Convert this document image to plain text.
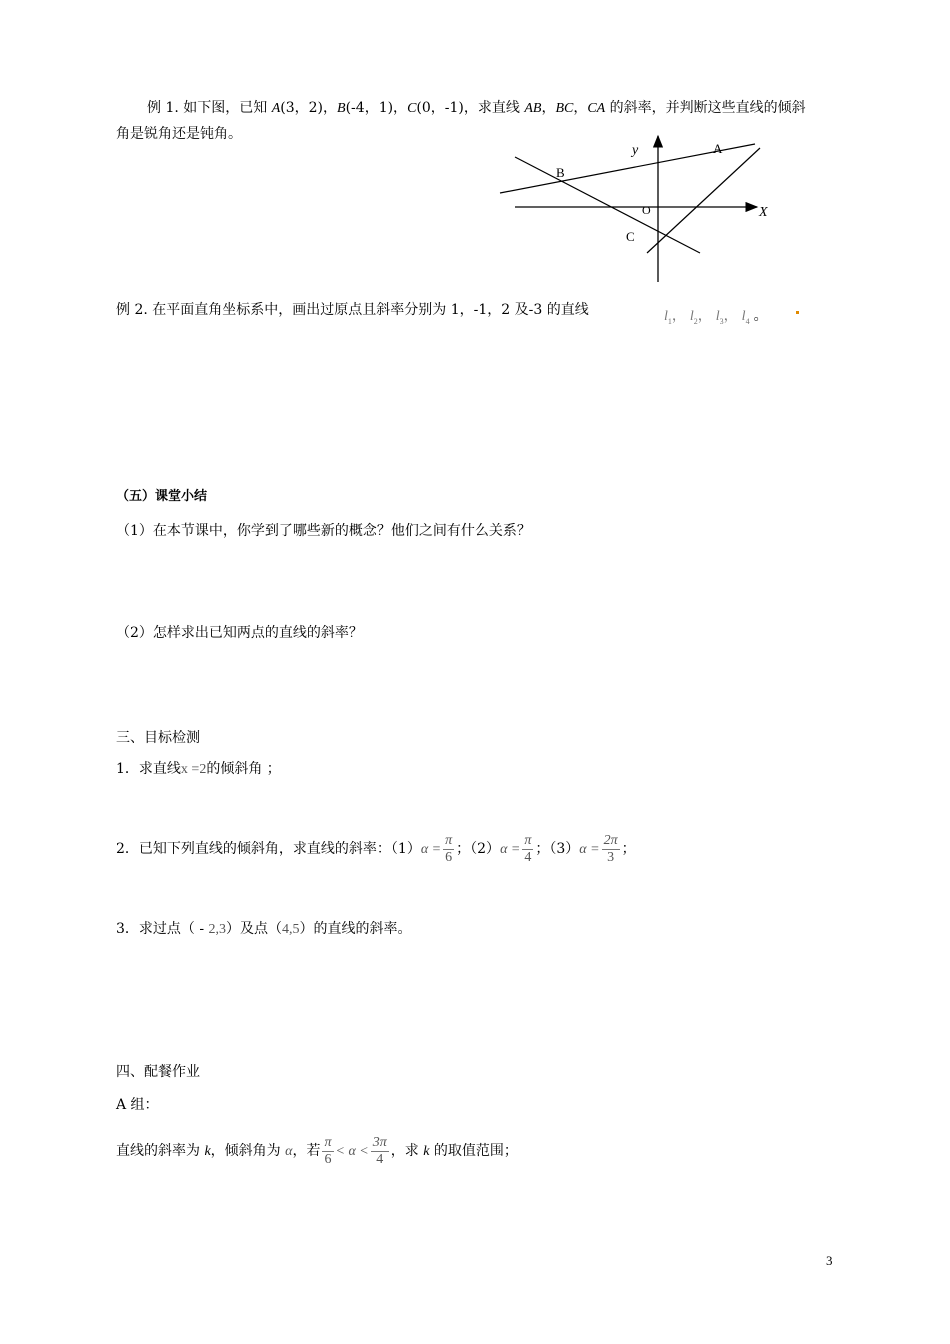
例 1. 如下图，已知 A(3，2)，B(-4，1)，C(0，-1)，求直线 AB，BC，CA 的斜率，并判断这些直线的倾斜
角是锐角还是钝角。
y
X
A
B
O
C
例 2. 在平面直角坐标系中，画出过原点且斜率分别为 1，-1，2 及-3 的直线	$l_1$， $l_2$， $l_3$， $l_4$ 。
（五）课堂小结
（1）在本节课中，你学到了哪些新的概念？他们之间有什么关系？
（2）怎样求出已知两点的直线的斜率？
三、目标检测
1．求直线x =2的倾斜角 ；
2．已知下列直线的倾斜角，求直线的斜率：$(1)\alpha = \frac{\pi}{6}$ ；$(2)\alpha = \frac{\pi}{4}$ ；$(3)\alpha = \frac{2\pi}{3}$ ；
3．求过点（ - 2,3）及点（4,5）的直线的斜率。
四、配餐作业
A 组：
直线的斜率为 k，倾斜角为 α，若 $\frac{\pi}{6} < \alpha < \frac{3\pi}{4}$ ，求 k 的取值范围；
3
